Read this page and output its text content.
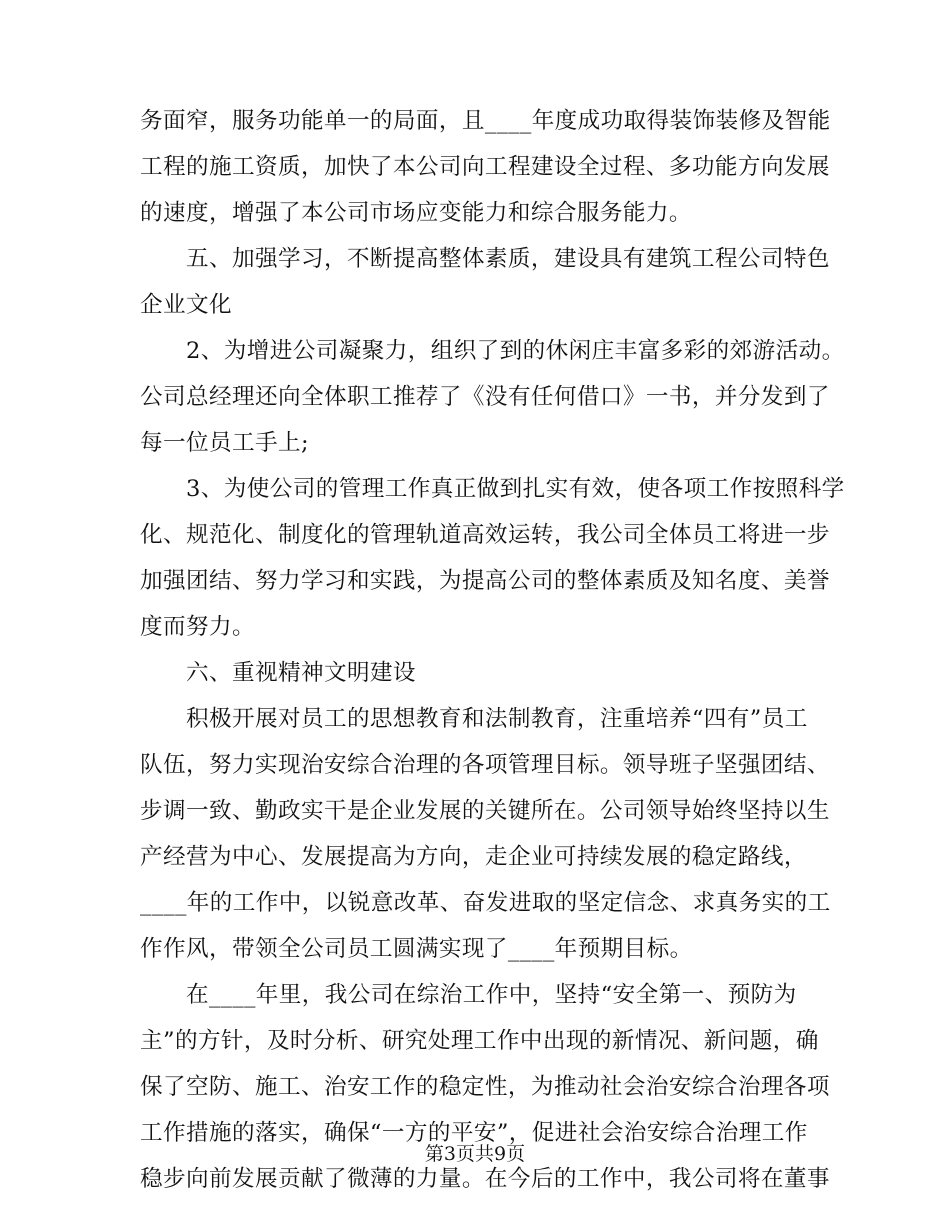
务面窄，服务功能单一的局面，且____年度成功取得装饰装修及智能
工程的施工资质，加快了本公司向工程建设全过程、多功能方向发展
的速度，增强了本公司市场应变能力和综合服务能力。
　　五、加强学习，不断提高整体素质，建设具有建筑工程公司特色
企业文化
　　2、为增进公司凝聚力，组织了到的休闲庄丰富多彩的郊游活动。
公司总经理还向全体职工推荐了《没有任何借口》一书，并分发到了
每一位员工手上;
　　3、为使公司的管理工作真正做到扎实有效，使各项工作按照科学
化、规范化、制度化的管理轨道高效运转，我公司全体员工将进一步
加强团结、努力学习和实践，为提高公司的整体素质及知名度、美誉
度而努力。
　　六、重视精神文明建设
　　积极开展对员工的思想教育和法制教育，注重培养“四有”员工
队伍，努力实现治安综合治理的各项管理目标。领导班子坚强团结、
步调一致、勤政实干是企业发展的关键所在。公司领导始终坚持以生
产经营为中心、发展提高为方向，走企业可持续发展的稳定路线，
____年的工作中，以锐意改革、奋发进取的坚定信念、求真务实的工
作作风，带领全公司员工圆满实现了____年预期目标。
　　在____年里，我公司在综治工作中，坚持“安全第一、预防为
主”的方针，及时分析、研究处理工作中出现的新情况、新问题，确
保了空防、施工、治安工作的稳定性，为推动社会治安综合治理各项
工作措施的落实，确保“一方的平安”，促进社会治安综合治理工作
稳步向前发展贡献了微薄的力量。在今后的工作中，我公司将在董事
第3页共9页
